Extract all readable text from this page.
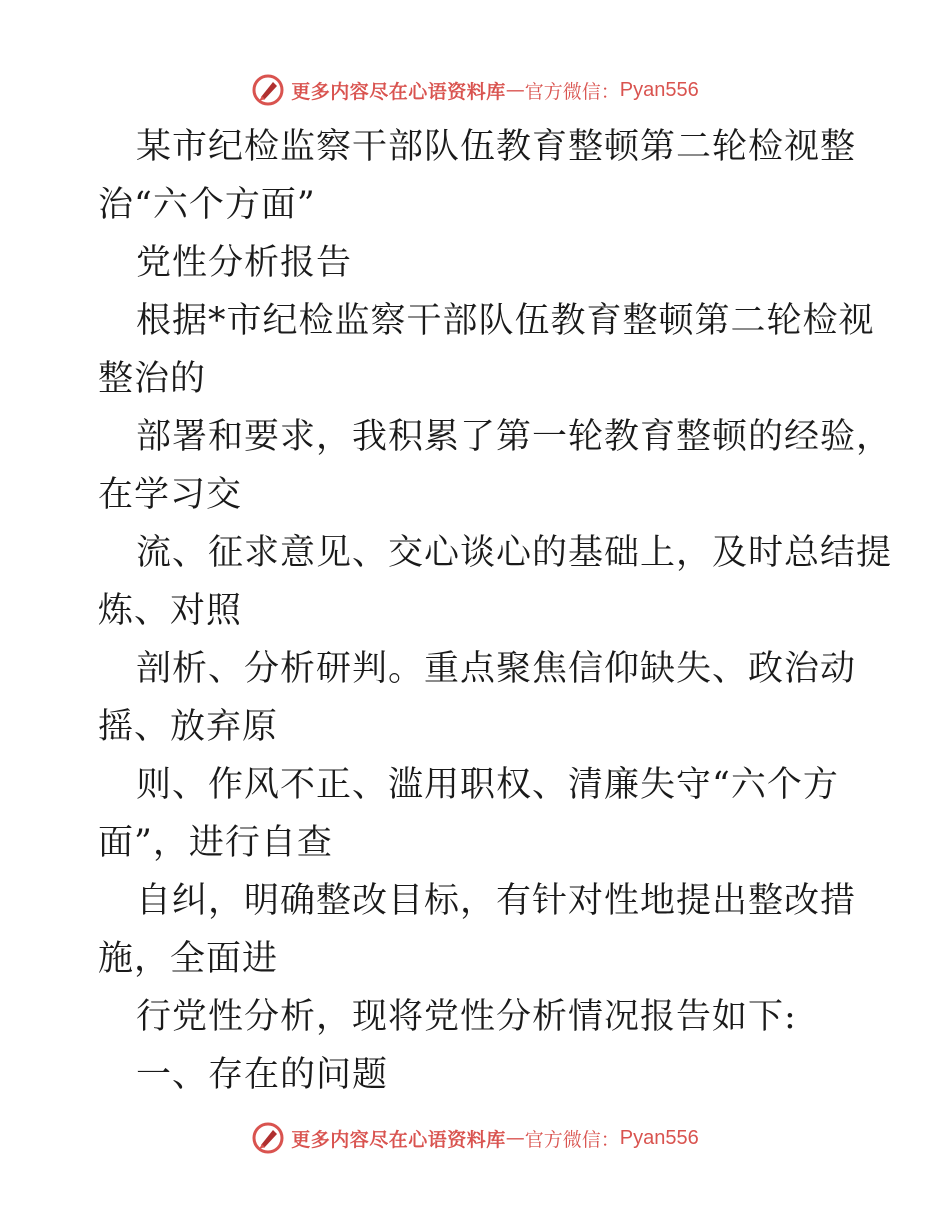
更多内容尽在心语资料库 — 官方微信： Pyan556
某市纪检监察干部队伍教育整顿第二轮检视整
治“六个方面”
党性分析报告
根据*市纪检监察干部队伍教育整顿第二轮检视
整治的
部署和要求，我积累了第一轮教育整顿的经验，
在学习交
流、征求意见、交心谈心的基础上，及时总结提
炼、对照
剖析、分析研判。重点聚焦信仰缺失、政治动
摇、放弃原
则、作风不正、滥用职权、清廉失守“六个方
面”，进行自查
自纠，明确整改目标，有针对性地提出整改措
施，全面进
行党性分析，现将党性分析情况报告如下:
一、存在的问题
更多内容尽在心语资料库 — 官方微信： Pyan556
